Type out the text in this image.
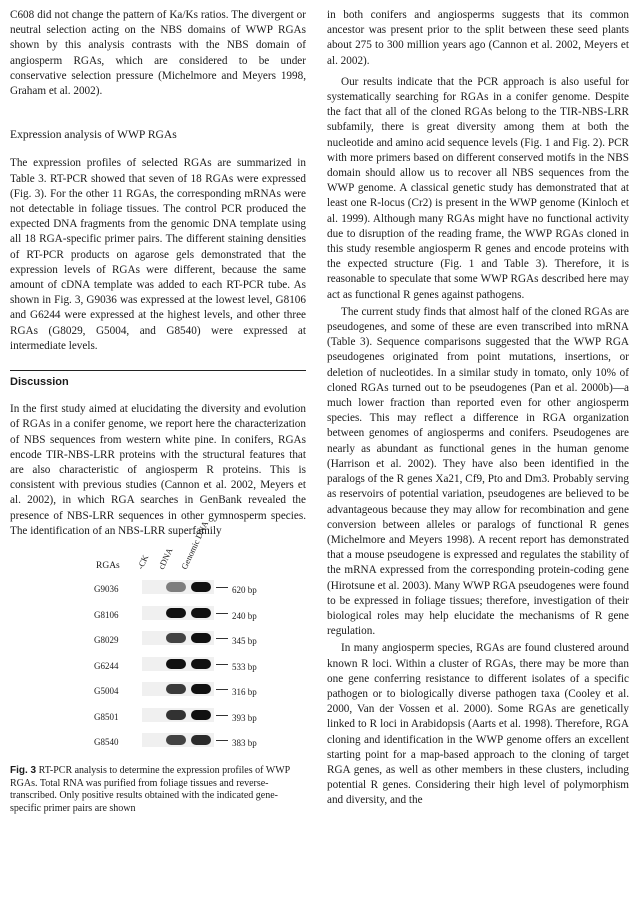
C608 did not change the pattern of Ka/Ks ratios. The divergent or neutral selection acting on the NBS domains of WWP RGAs shown by this analysis contrasts with the NBS domain of angiosperm RGAs, which are considered to be under conservative selection pressure (Michelmore and Meyers 1998, Graham et al. 2002).

Expression analysis of WWP RGAs

The expression profiles of selected RGAs are summarized in Table 3. RT-PCR showed that seven of 18 RGAs were expressed (Fig. 3). For the other 11 RGAs, the corresponding mRNAs were not detectable in foliage tissues. The control PCR produced the expected DNA fragments from the genomic DNA template using all 18 RGA-specific primer pairs. The different staining densities of RT-PCR products on agarose gels demonstrated that the expression levels of RGAs were different, because the same amount of cDNA template was added to each RT-PCR tube. As shown in Fig. 3, G9036 was expressed at the lowest level, G8106 and G6244 were expressed at the highest levels, and other three RGAs (G8029, G5004, and G8540) were expressed at intermediate levels.

Discussion

In the first study aimed at elucidating the diversity and evolution of RGAs in a conifer genome, we report here the characterization of NBS sequences from western white pine. In conifers, RGAs encode TIR-NBS-LRR proteins with the structural features that are also characteristic of angiosperm R proteins. This is consistent with previous studies (Cannon et al. 2002, Meyers et al. 2002), in which RGA searches in GenBank revealed the presence of NBS-LRR sequences in other gymnosperm species. The identification of an NBS-LRR superfamily

RGAs -CK cDNA Genomic DNA
G9036	620 bp
G8106	240 bp
G8029	345 bp
G6244	533 bp
G5004	316 bp
G8501	393 bp
G8540	383 bp

Fig. 3 RT-PCR analysis to determine the expression profiles of WWP RGAs. Total RNA was purified from foliage tissues and reverse-transcribed. Only positive results obtained with the indicated gene-specific primer pairs are shown

in both conifers and angiosperms suggests that its common ancestor was present prior to the split between these seed plants about 275 to 300 million years ago (Cannon et al. 2002, Meyers et al. 2002).

Our results indicate that the PCR approach is also useful for systematically searching for RGAs in a conifer genome. Despite the fact that all of the cloned RGAs belong to the TIR-NBS-LRR subfamily, there is great diversity among them at both the nucleotide and amino acid sequence levels (Fig. 1 and Fig. 2). PCR with more primers based on different conserved motifs in the NBS domain should allow us to recover all NBS sequences from the WWP genome. A classical genetic study has demonstrated that at least one R-locus (Cr2) is present in the WWP genome (Kinloch et al. 1999). Although many RGAs might have no functional activity due to disruption of the reading frame, the WWP RGAs cloned in this study resemble angiosperm R genes and encode proteins with the expected structure (Fig. 1 and Table 3). Therefore, it is reasonable to speculate that some WWP RGAs described here may act as functional R genes against pathogens.

The current study finds that almost half of the cloned RGAs are pseudogenes, and some of these are even transcribed into mRNA (Table 3). Sequence comparisons suggested that the WWP RGA pseudogenes originated from point mutations, insertions, or deletion of nucleotides. In a similar study in tomato, only 10% of cloned RGAs turned out to be pseudogenes (Pan et al. 2000b)—a much lower fraction than reported even for other angiosperm species. This may reflect a difference in RGA organization between genomes of angiosperms and conifers. Pseudogenes are nearly as abundant as functional genes in the human genome (Harrison et al. 2002). They have also been identified in the paralogs of the R genes Xa21, Cf9, Pto and Dm3. Probably serving as reservoirs of potential variation, pseudogenes are believed to be advantageous because they may allow for recombination and gene conversion between alleles or paralogs of functional R genes (Michelmore and Meyers 1998). A recent report has demonstrated that a mouse pseudogene is expressed and regulates the stability of the mRNA expressed from the corresponding protein-coding gene (Hirotsune et al. 2003). Many WWP RGA pseudogenes were found to be expressed in foliage tissues; therefore, investigation of their biological roles may help elucidate the mechanisms of R gene regulation.

In many angiosperm species, RGAs are found clustered around known R loci. Within a cluster of RGAs, there may be more than one gene conferring resistance to different isolates of a specific pathogen or to biologically diverse pathogen taxa (Cooley et al. 2000, Van der Vossen et al. 2000). Some RGAs are genetically linked to R loci in Arabidopsis (Aarts et al. 1998). Therefore, RGA cloning and identification in the WWP genome offers an excellent starting point for a map-based approach to the cloning of target RGA genes, as well as other members in these clusters, including potential R genes. Considering their high level of polymorphism and diversity, and the
